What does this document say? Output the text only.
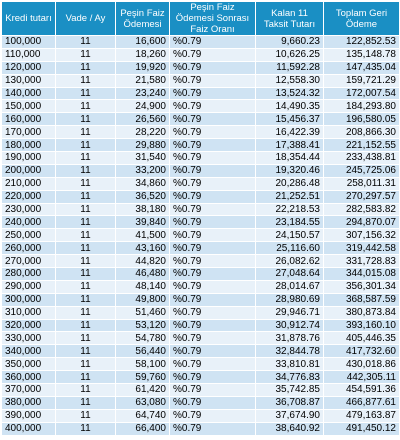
Kredi tutarı	Vade / Ay	Peşin Faiz Ödemesi	Peşin Faiz Ödemesi Sonrası Faiz Oranı	Kalan 11 Taksit Tutarı	Toplam Geri Ödeme
100,000	11	16,600	%0.79	9,660.23	122,852.53
110,000	11	18,260	%0.79	10,626.25	135,148.78
120,000	11	19,920	%0.79	11,592.28	147,435.04
130,000	11	21,580	%0.79	12,558.30	159,721.29
140,000	11	23,240	%0.79	13,524.32	172,007.54
150,000	11	24,900	%0.79	14,490.35	184,293.80
160,000	11	26,560	%0.79	15,456.37	196,580.05
170,000	11	28,220	%0.79	16,422.39	208,866.30
180,000	11	29,880	%0.79	17,388.41	221,152.55
190,000	11	31,540	%0.79	18,354.44	233,438.81
200,000	11	33,200	%0.79	19,320.46	245,725.06
210,000	11	34,860	%0.79	20,286.48	258,011.31
220,000	11	36,520	%0.79	21,252.51	270,297.57
230,000	11	38,180	%0.79	22,218.53	282,583.82
240,000	11	39,840	%0.79	23,184.55	294,870.07
250,000	11	41,500	%0.79	24,150.57	307,156.32
260,000	11	43,160	%0.79	25,116.60	319,442.58
270,000	11	44,820	%0.79	26,082.62	331,728.83
280,000	11	46,480	%0.79	27,048.64	344,015.08
290,000	11	48,140	%0.79	28,014.67	356,301.34
300,000	11	49,800	%0.79	28,980.69	368,587.59
310,000	11	51,460	%0.79	29,946.71	380,873.84
320,000	11	53,120	%0.79	30,912.74	393,160.10
330,000	11	54,780	%0.79	31,878.76	405,446.35
340,000	11	56,440	%0.79	32,844.78	417,732.60
350,000	11	58,100	%0.79	33,810.81	430,018.86
360,000	11	59,760	%0.79	34,776.83	442,305.11
370,000	11	61,420	%0.79	35,742.85	454,591.36
380,000	11	63,080	%0.79	36,708.87	466,877.61
390,000	11	64,740	%0.79	37,674.90	479,163.87
400,000	11	66,400	%0.79	38,640.92	491,450.12
